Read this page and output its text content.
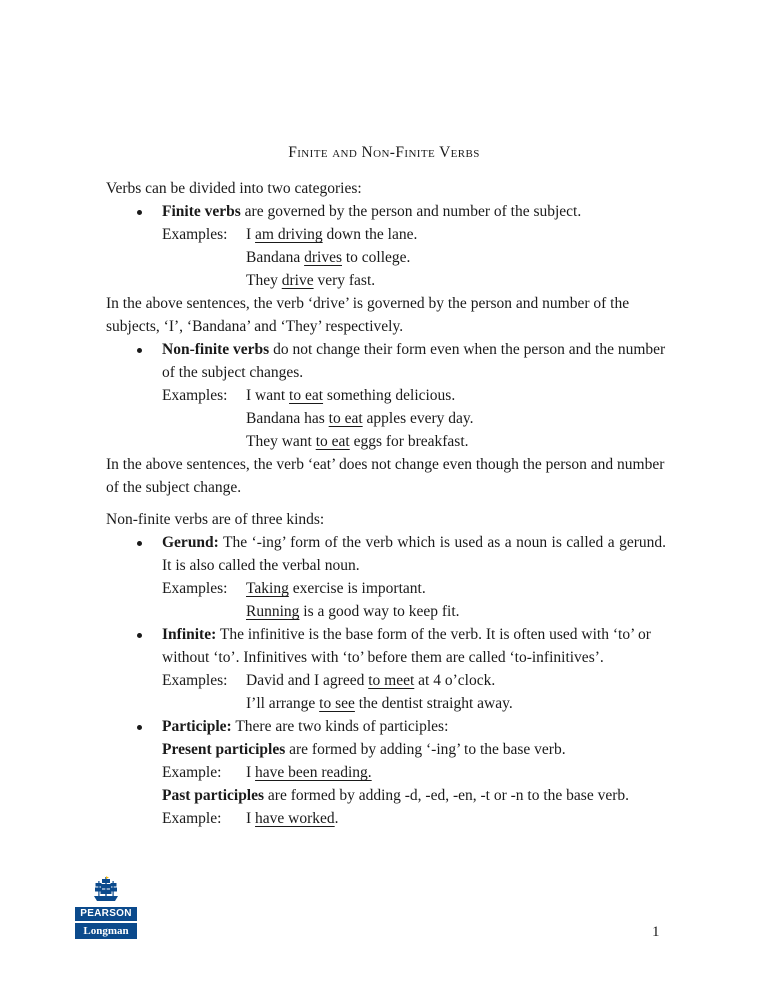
Finite and Non-Finite Verbs

Verbs can be divided into two categories:

Finite verbs are governed by the person and number of the subject.

Examples:	I am driving down the lane.

Bandana drives to college.

They drive very fast.

In the above sentences, the verb ‘drive’ is governed by the person and number of the subjects, ‘I’, ‘Bandana’ and ‘They’ respectively.

Non-finite verbs do not change their form even when the person and the number of the subject changes.

Examples:	I want to eat something delicious.

Bandana has to eat apples every day.

They want to eat eggs for breakfast.

In the above sentences, the verb ‘eat’ does not change even though the person and number of the subject change.

Non-finite verbs are of three kinds:

Gerund: The ‘-ing’ form of the verb which is used as a noun is called a gerund. It is also called the verbal noun.

Examples:	Taking exercise is important.

Running is a good way to keep fit.

Infinite: The infinitive is the base form of the verb. It is often used with ‘to’ or without ‘to’. Infinitives with ‘to’ before them are called ‘to-infinitives’.

Examples:	David and I agreed to meet at 4 o’clock.

I’ll arrange to see the dentist straight away.

Participle: There are two kinds of participles:

Present participles are formed by adding ‘-ing’ to the base verb.

Example:	I have been reading.

Past participles are formed by adding -d, -ed, -en, -t or -n to the base verb.

Example:	I have worked.
PEARSON
Longman	1
